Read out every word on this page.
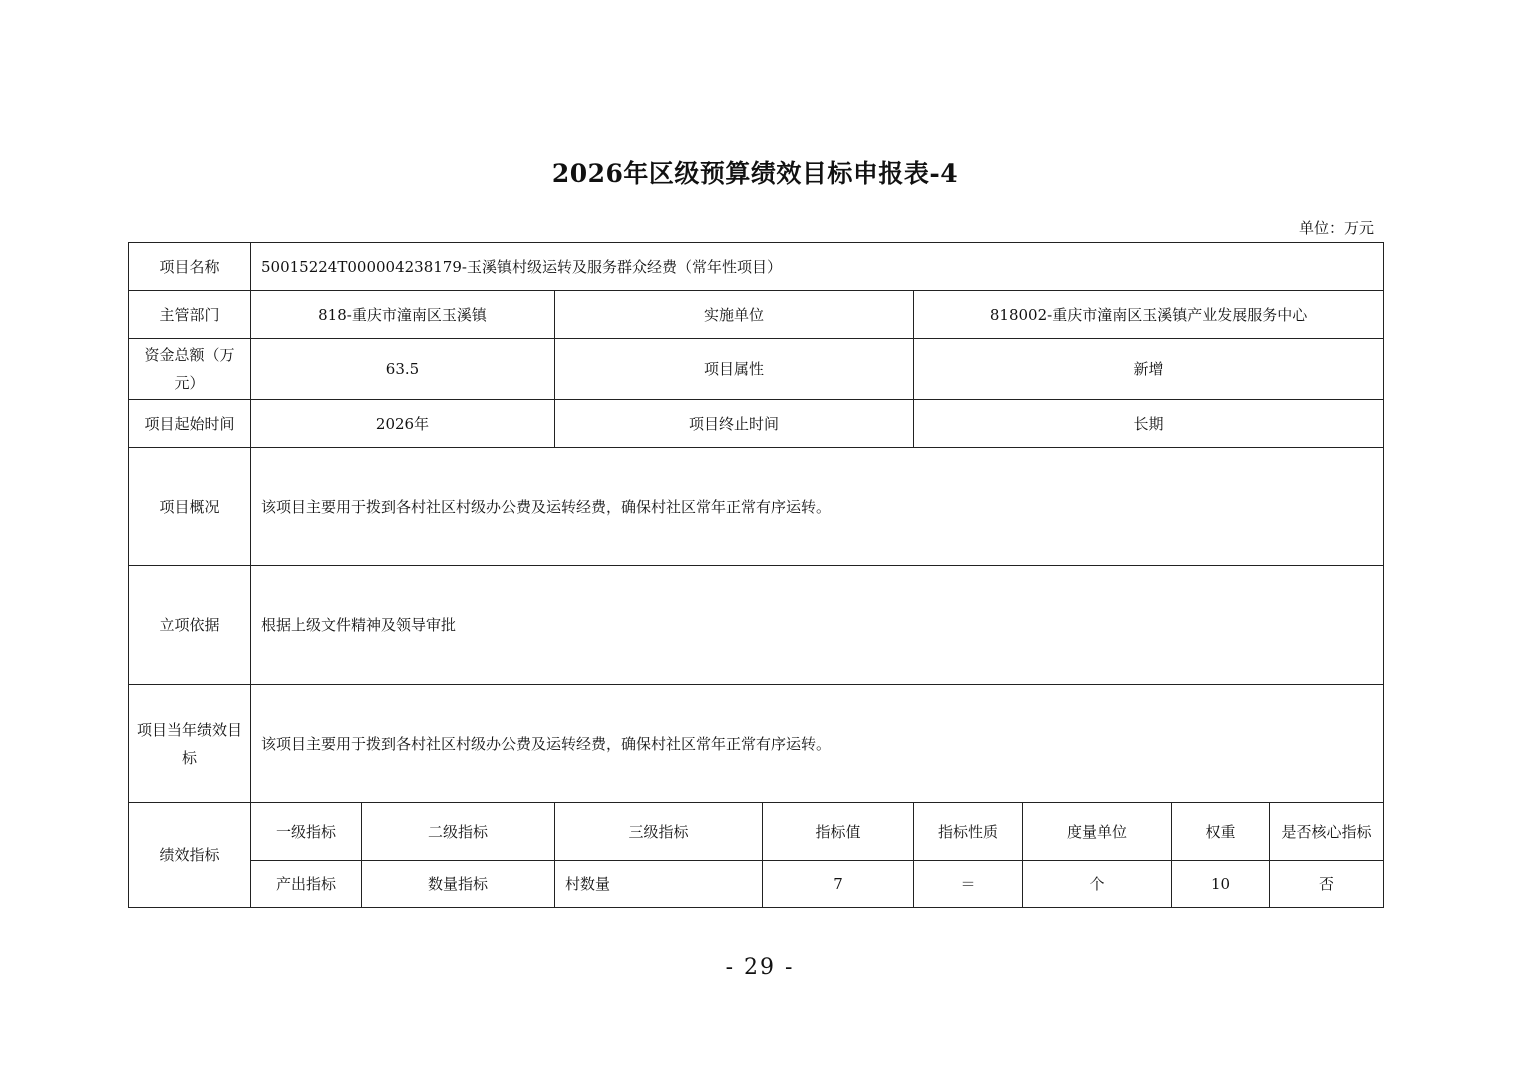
2026年区级预算绩效目标申报表-4
单位：万元
项目名称	50015224T000004238179-玉溪镇村级运转及服务群众经费（常年性项目）							
主管部门	818-重庆市潼南区玉溪镇		实施单位		818002-重庆市潼南区玉溪镇产业发展服务中心			
资金总额（万元）	63.5		项目属性		新增			
项目起始时间	2026年		项目终止时间		长期			
项目概况	该项目主要用于拨到各村社区村级办公费及运转经费，确保村社区常年正常有序运转。							
立项依据	根据上级文件精神及领导审批							
项目当年绩效目标	该项目主要用于拨到各村社区村级办公费及运转经费，确保村社区常年正常有序运转。							
绩效指标	一级指标	二级指标	三级指标	指标值	指标性质	度量单位	权重	是否核心指标
	产出指标	数量指标	村数量	7	＝	个	10	否
- 29 -
